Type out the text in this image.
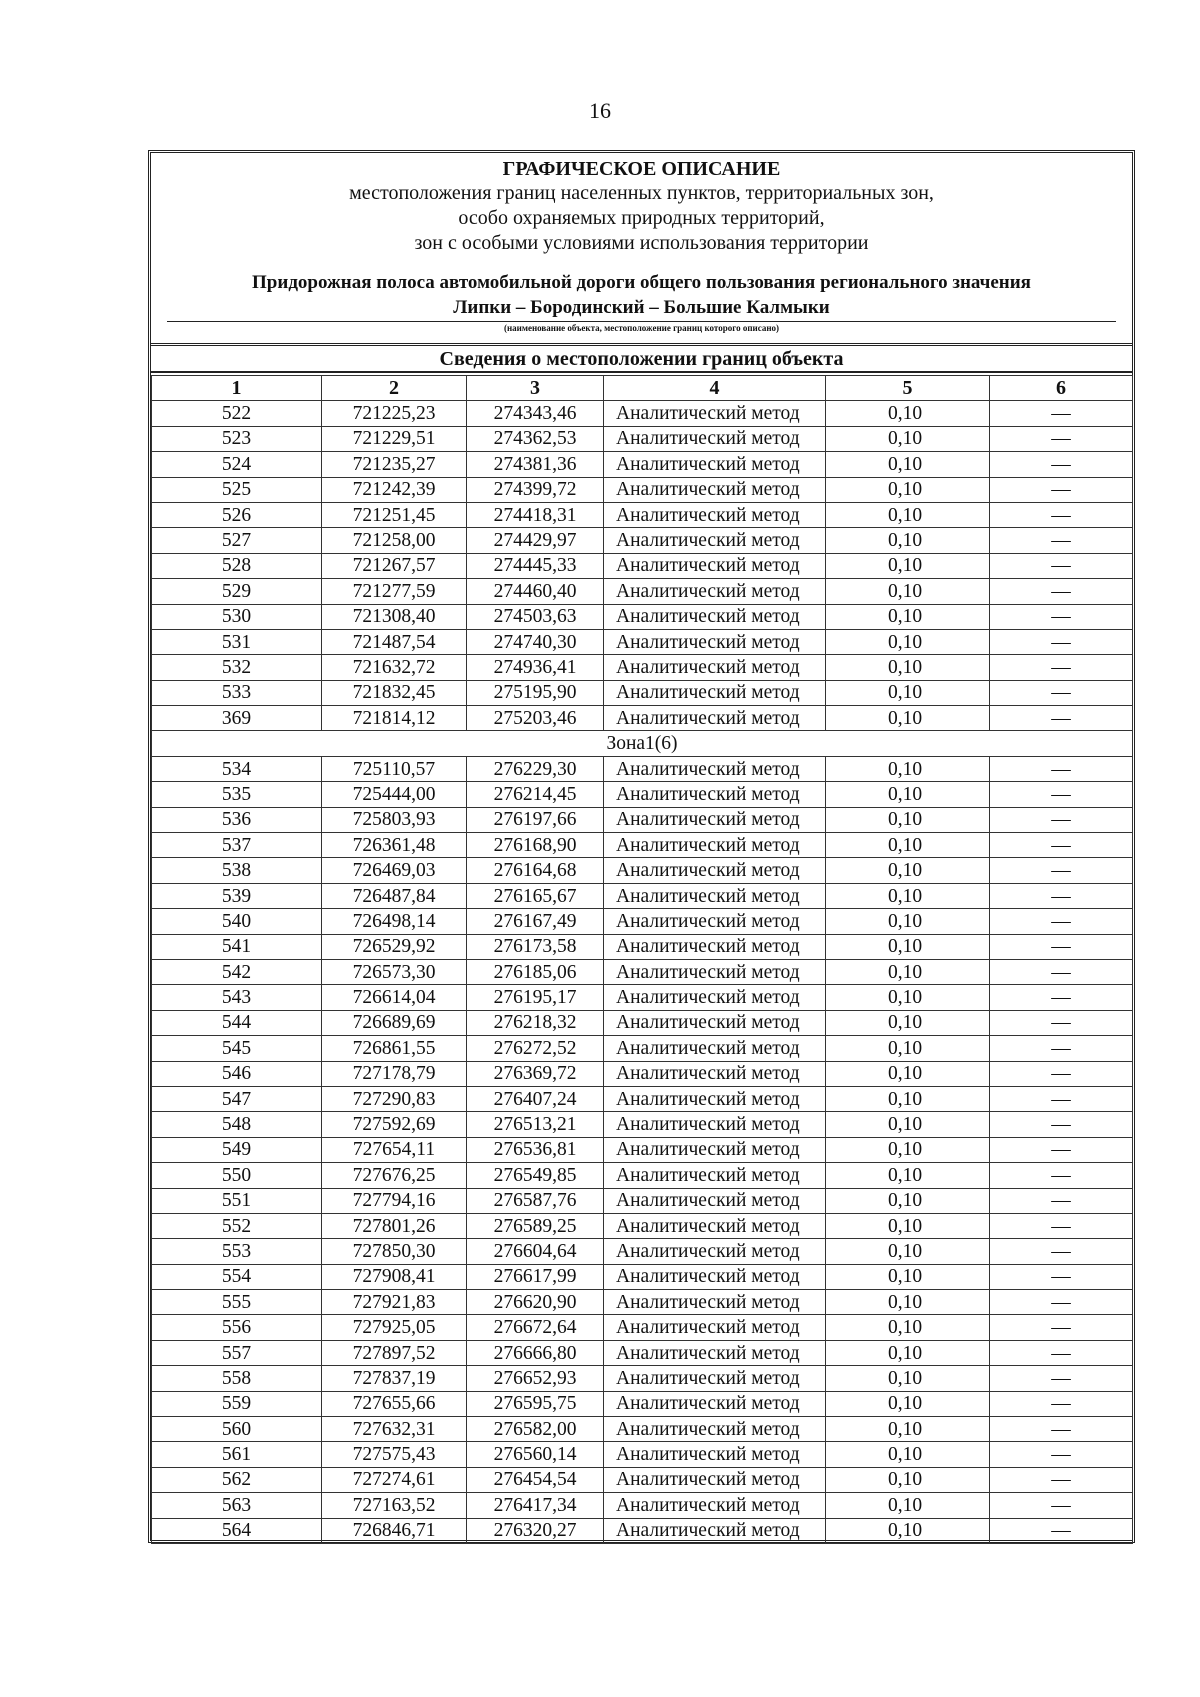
16
ГРАФИЧЕСКОЕ ОПИСАНИЕ
местоположения границ населенных пунктов, территориальных зон,
особо охраняемых природных территорий,
зон с особыми условиями использования территории
Придорожная полоса автомобильной дороги общего пользования регионального значения
Липки – Бородинский – Большие Калмыки
(наименование объекта, местоположение границ которого описано)
Сведения о местоположении границ объекта
1	2	3	4	5	6
522	721225,23	274343,46	Аналитический метод	0,10	—
523	721229,51	274362,53	Аналитический метод	0,10	—
524	721235,27	274381,36	Аналитический метод	0,10	—
525	721242,39	274399,72	Аналитический метод	0,10	—
526	721251,45	274418,31	Аналитический метод	0,10	—
527	721258,00	274429,97	Аналитический метод	0,10	—
528	721267,57	274445,33	Аналитический метод	0,10	—
529	721277,59	274460,40	Аналитический метод	0,10	—
530	721308,40	274503,63	Аналитический метод	0,10	—
531	721487,54	274740,30	Аналитический метод	0,10	—
532	721632,72	274936,41	Аналитический метод	0,10	—
533	721832,45	275195,90	Аналитический метод	0,10	—
369	721814,12	275203,46	Аналитический метод	0,10	—
Зона1(6)					
534	725110,57	276229,30	Аналитический метод	0,10	—
535	725444,00	276214,45	Аналитический метод	0,10	—
536	725803,93	276197,66	Аналитический метод	0,10	—
537	726361,48	276168,90	Аналитический метод	0,10	—
538	726469,03	276164,68	Аналитический метод	0,10	—
539	726487,84	276165,67	Аналитический метод	0,10	—
540	726498,14	276167,49	Аналитический метод	0,10	—
541	726529,92	276173,58	Аналитический метод	0,10	—
542	726573,30	276185,06	Аналитический метод	0,10	—
543	726614,04	276195,17	Аналитический метод	0,10	—
544	726689,69	276218,32	Аналитический метод	0,10	—
545	726861,55	276272,52	Аналитический метод	0,10	—
546	727178,79	276369,72	Аналитический метод	0,10	—
547	727290,83	276407,24	Аналитический метод	0,10	—
548	727592,69	276513,21	Аналитический метод	0,10	—
549	727654,11	276536,81	Аналитический метод	0,10	—
550	727676,25	276549,85	Аналитический метод	0,10	—
551	727794,16	276587,76	Аналитический метод	0,10	—
552	727801,26	276589,25	Аналитический метод	0,10	—
553	727850,30	276604,64	Аналитический метод	0,10	—
554	727908,41	276617,99	Аналитический метод	0,10	—
555	727921,83	276620,90	Аналитический метод	0,10	—
556	727925,05	276672,64	Аналитический метод	0,10	—
557	727897,52	276666,80	Аналитический метод	0,10	—
558	727837,19	276652,93	Аналитический метод	0,10	—
559	727655,66	276595,75	Аналитический метод	0,10	—
560	727632,31	276582,00	Аналитический метод	0,10	—
561	727575,43	276560,14	Аналитический метод	0,10	—
562	727274,61	276454,54	Аналитический метод	0,10	—
563	727163,52	276417,34	Аналитический метод	0,10	—
564	726846,71	276320,27	Аналитический метод	0,10	—
